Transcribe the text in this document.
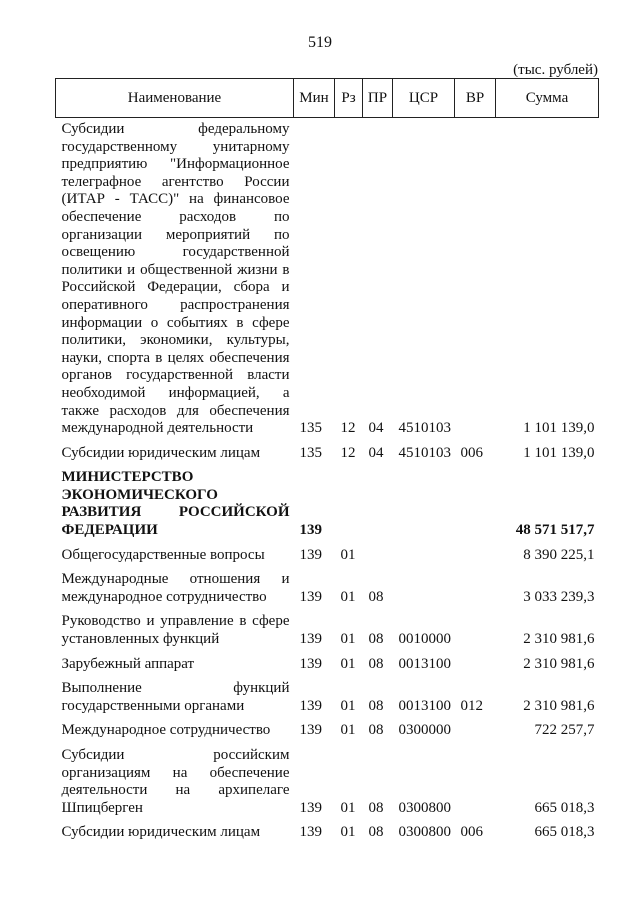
519
(тыс. рублей)
Наименование	Мин	Рз	ПР	ЦСР	ВР	Сумма
Субсидии федеральному государственному унитарному предприятию "Информационное телеграфное агентство России (ИТАР - ТАСС)" на финансовое обеспечение расходов по организации мероприятий по освещению государственной политики и общественной жизни в Российской Федерации, сбора и оперативного распространения информации о событиях в сфере политики, экономики, культуры, науки, спорта в целях обеспечения органов государственной власти необходимой информацией, а также расходов для обеспечения международной деятельности	135	12	04	4510103		1 101 139,0
Субсидии юридическим лицам	135	12	04	4510103	006	1 101 139,0
МИНИСТЕРСТВО ЭКОНОМИЧЕСКОГО РАЗВИТИЯ РОССИЙСКОЙ ФЕДЕРАЦИИ	139					48 571 517,7
Общегосударственные вопросы	139	01				8 390 225,1
Международные отношения и международное сотрудничество	139	01	08			3 033 239,3
Руководство и управление в сфере установленных функций	139	01	08	0010000		2 310 981,6
Зарубежный аппарат	139	01	08	0013100		2 310 981,6
Выполнение функций государственными органами	139	01	08	0013100	012	2 310 981,6
Международное сотрудничество	139	01	08	0300000		722 257,7
Субсидии российским организациям на обеспечение деятельности на архипелаге Шпицберген	139	01	08	0300800		665 018,3
Субсидии юридическим лицам	139	01	08	0300800	006	665 018,3
